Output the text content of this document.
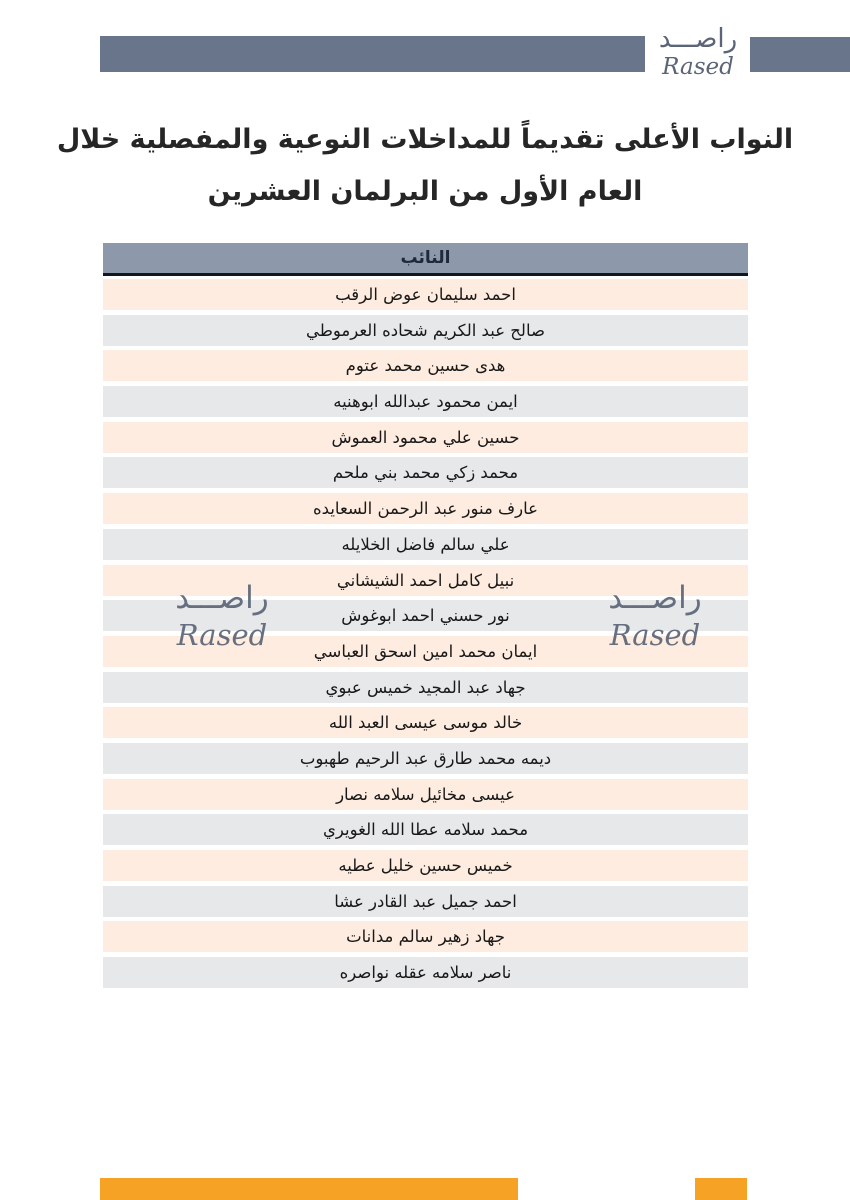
راصـــد
Rased
النواب الأعلى تقديماً للمداخلات النوعية والمفصلية خلال
العام الأول من البرلمان العشرين
النائب
احمد سليمان عوض الرقب
صالح عبد الكريم شحاده العرموطي
هدى حسين محمد عتوم
ايمن محمود عبدالله ابوهنيه
حسين علي محمود العموش
محمد زكي محمد بني ملحم
عارف منور عبد الرحمن السعايده
علي سالم فاضل الخلايله
نبيل كامل احمد الشيشاني
نور حسني احمد ابوغوش
ايمان محمد امين اسحق العباسي
جهاد عبد المجيد خميس عبوي
خالد موسى عيسى العبد الله
ديمه محمد طارق عبد الرحيم طهبوب
عيسى مخائيل سلامه نصار
محمد سلامه عطا الله الغويري
خميس حسين خليل عطيه
احمد جميل عبد القادر عشا
جهاد زهير سالم مدانات
ناصر سلامه عقله نواصره
راصـــد
Rased
راصـــد
Rased
